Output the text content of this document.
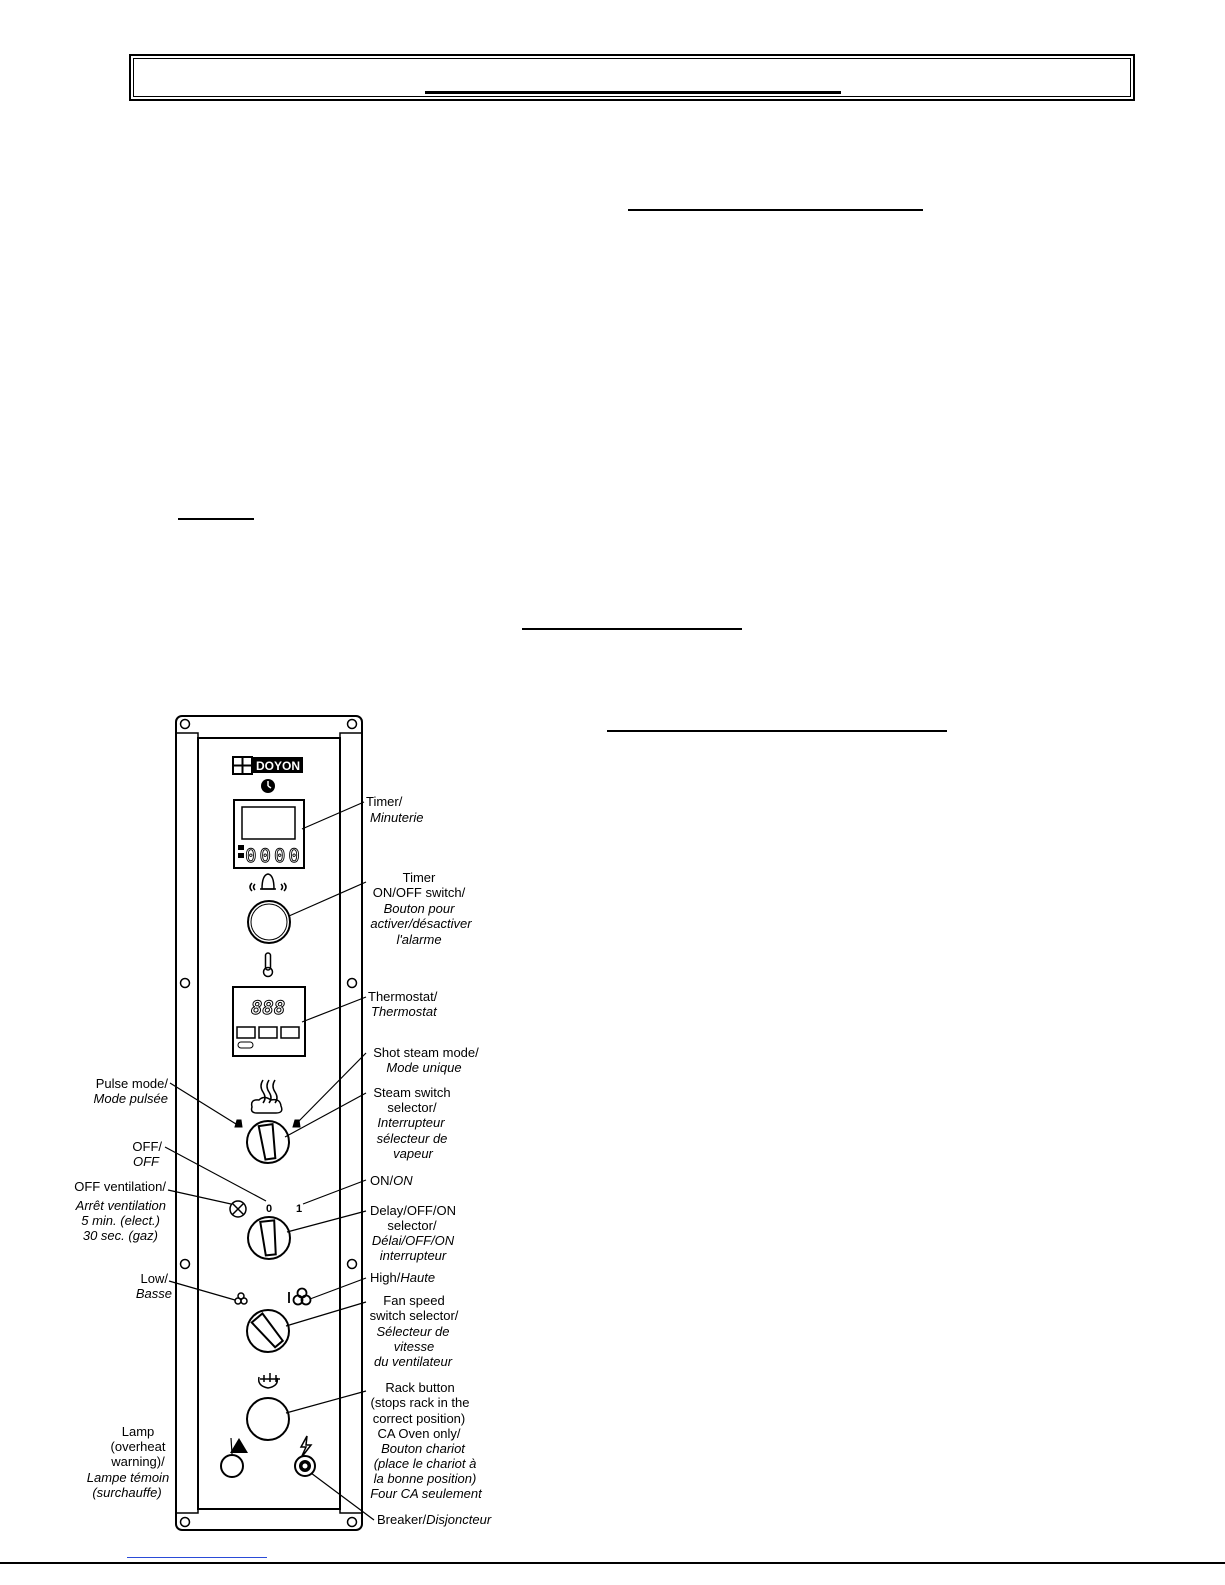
DOYON
0000
888
0 1
Timer/
Minuterie
Timer
ON/OFF switch/
Bouton pour
activer/désactiver
l'alarme
Thermostat/
Thermostat
Shot steam mode/
Mode unique
Steam switch
selector/
Interrupteur
sélecteur de
vapeur
Pulse mode/
Mode pulsée
OFF/
OFF
ON/ON
OFF ventilation/
Arrêt ventilation
5 min. (elect.)
30 sec. (gaz)
Delay/OFF/ON
selector/
Délai/OFF/ON
interrupteur
Low/
Basse
High/Haute
Fan speed
switch selector/
Sélecteur de
vitesse
du ventilateur
Rack button
(stops rack in the
correct position)
CA Oven only/
Bouton chariot
(place le chariot à
la bonne position)
Four CA seulement
Lamp
(overheat
warning)/
Lampe témoin
(surchauffe)
Breaker/Disjoncteur
